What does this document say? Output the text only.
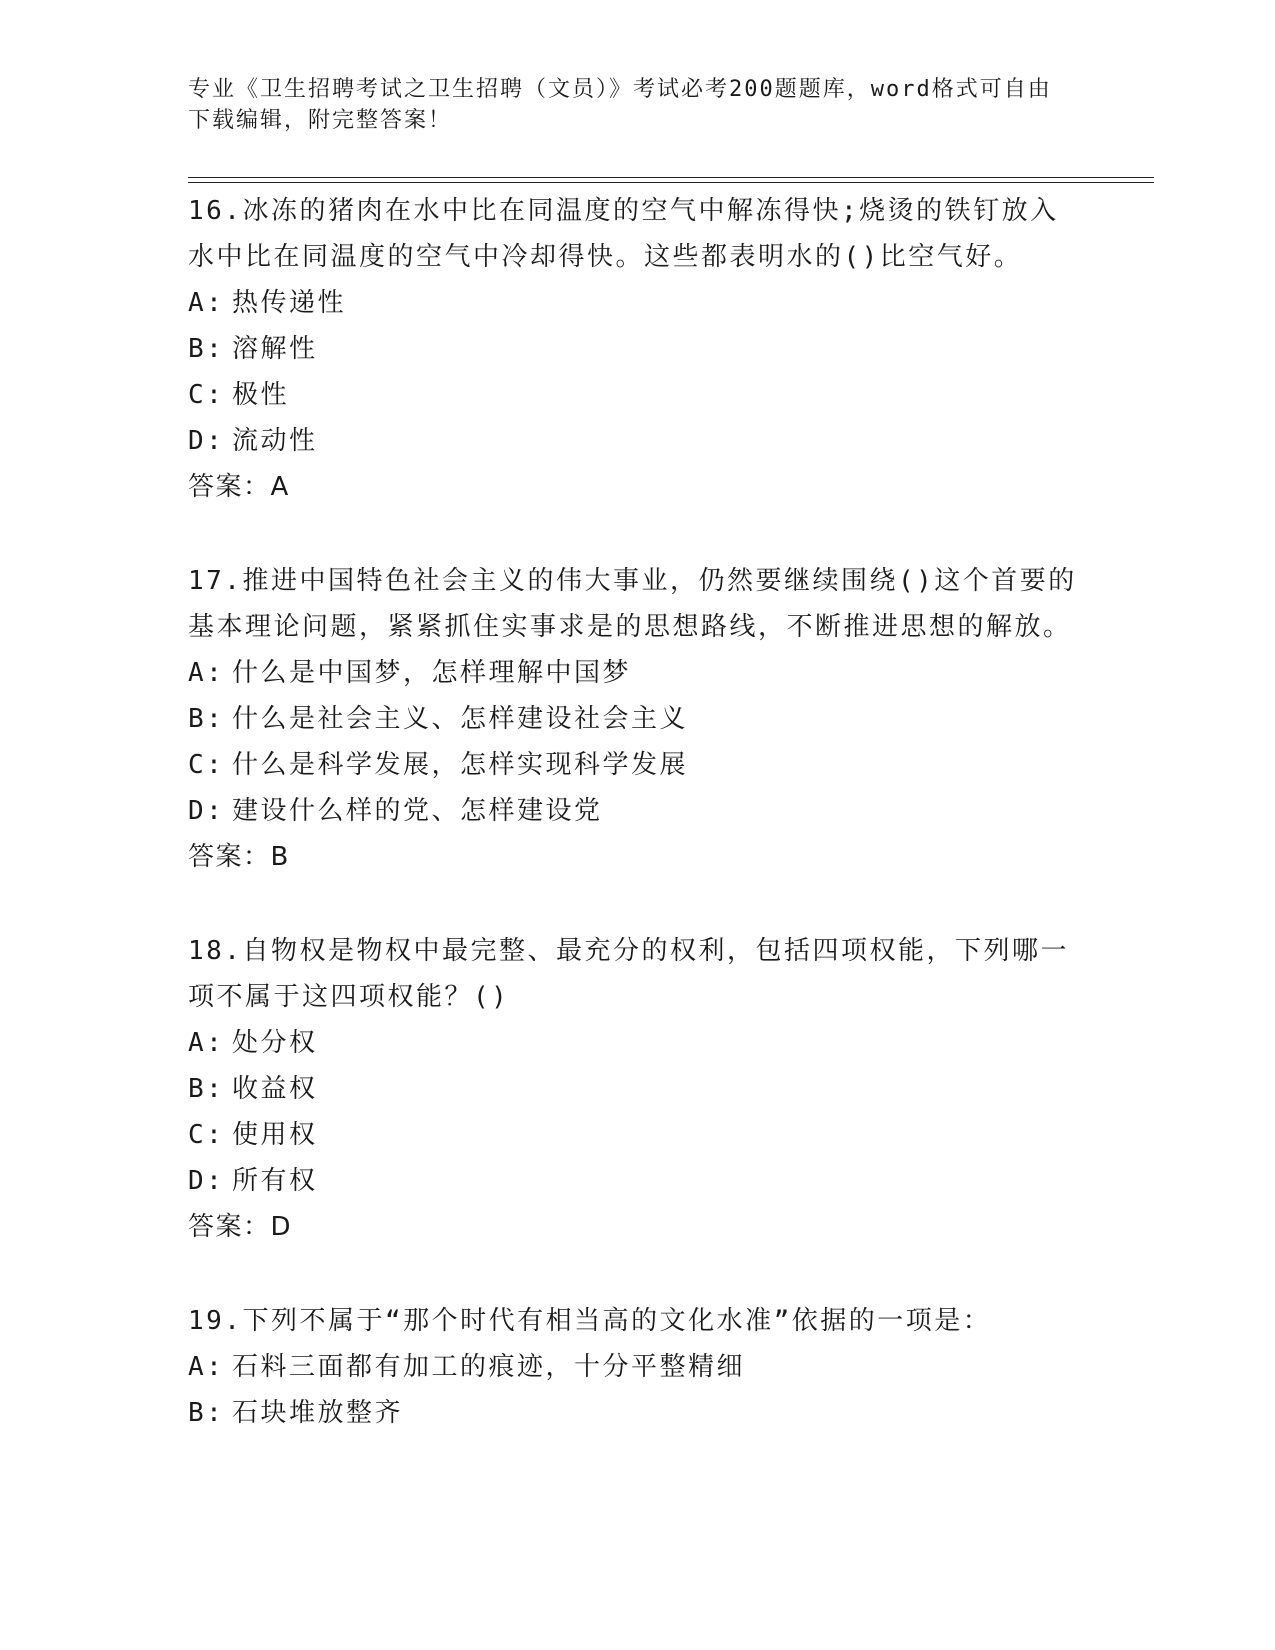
专业《卫生招聘考试之卫生招聘（文员）》考试必考200题题库，word格式可自由下载编辑，附完整答案！

16.冰冻的猪肉在水中比在同温度的空气中解冻得快;烧烫的铁钉放入水中比在同温度的空气中冷却得快。这些都表明水的()比空气好。

A: 热传递性

B: 溶解性

C: 极性

D: 流动性

答案：A

17.推进中国特色社会主义的伟大事业，仍然要继续围绕()这个首要的基本理论问题，紧紧抓住实事求是的思想路线，不断推进思想的解放。

A: 什么是中国梦，怎样理解中国梦

B: 什么是社会主义、怎样建设社会主义

C: 什么是科学发展，怎样实现科学发展

D: 建设什么样的党、怎样建设党

答案：B

18.自物权是物权中最完整、最充分的权利，包括四项权能，下列哪一项不属于这四项权能？()

A: 处分权

B: 收益权

C: 使用权

D: 所有权

答案：D

19.下列不属于“那个时代有相当高的文化水准”依据的一项是：

A: 石料三面都有加工的痕迹，十分平整精细

B: 石块堆放整齐
